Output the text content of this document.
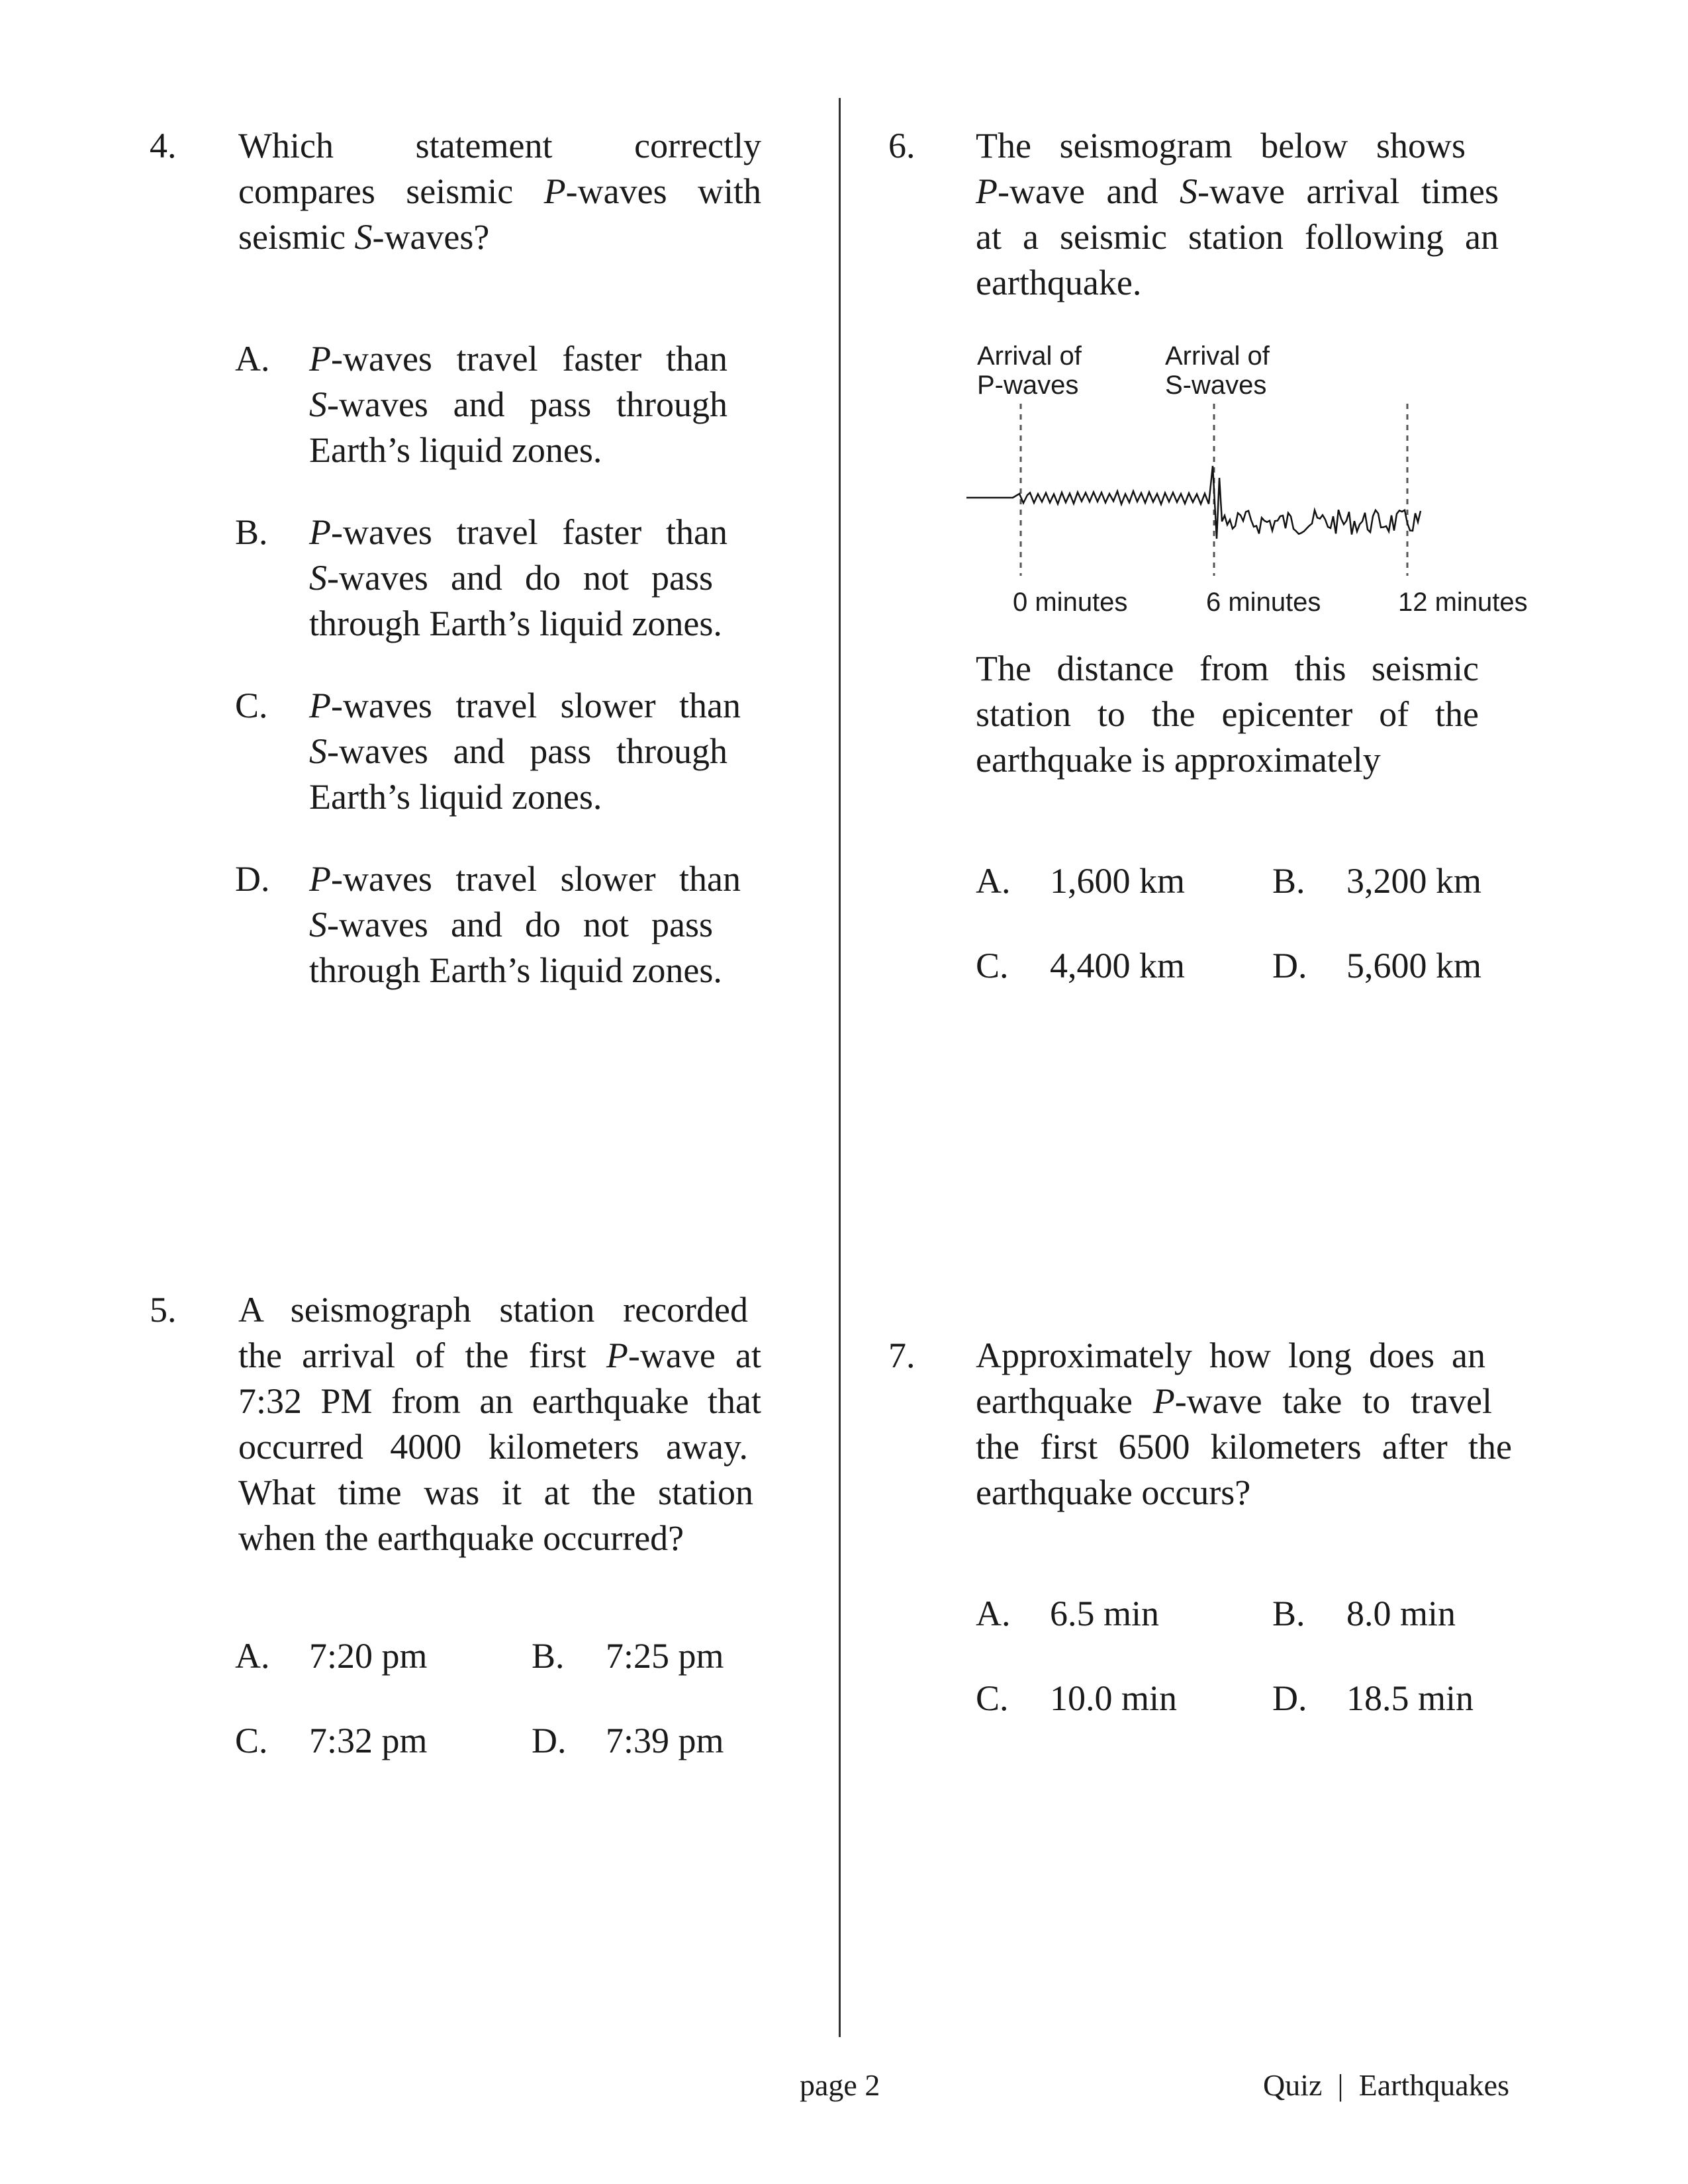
4. Which statement correctly
compares seismic P-waves with
seismic S-waves?
A. P-waves travel faster than
S-waves and pass through
Earth’s liquid zones.
B. P-waves travel faster than
S-waves and do not pass
through Earth’s liquid zones.
C. P-waves travel slower than
S-waves and pass through
Earth’s liquid zones.
D. P-waves travel slower than
S-waves and do not pass
through Earth’s liquid zones.
5. A seismograph station recorded
the arrival of the first P-wave at
7:32 PM from an earthquake that
occurred 4000 kilometers away.
What time was it at the station
when the earthquake occurred?
A. 7:20 pm	B. 7:25 pm
C. 7:32 pm	D. 7:39 pm
6. The seismogram below shows
P-wave and S-wave arrival times
at a seismic station following an
earthquake.
Arrival of
P-waves
Arrival of
S-waves
0 minutes	6 minutes	12 minutes
The distance from this seismic
station to the epicenter of the
earthquake is approximately
A. 1,600 km B. 3,200 km
C. 4,400 km D. 5,600 km
7. Approximately how long does an
earthquake P-wave take to travel
the first 6500 kilometers after the
earthquake occurs?
A. 6.5 min	B. 8.0 min
C. 10.0 min	D. 18.5 min
page 2	Quiz  |  Earthquakes
